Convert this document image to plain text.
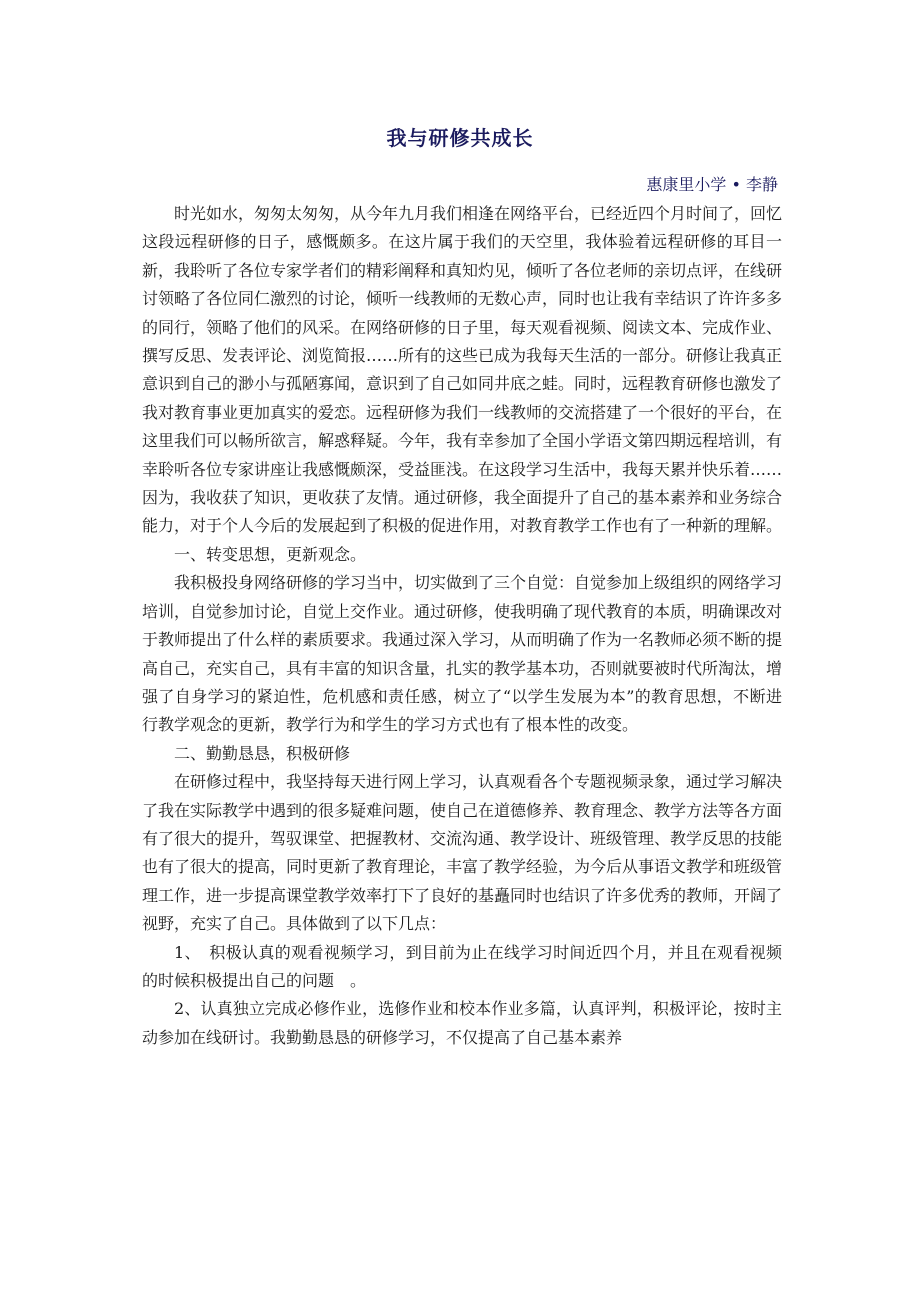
我与研修共成长
惠康里小学 • 李静

时光如水，匆匆太匆匆，从今年九月我们相逢在网络平台，已经近四个月时间了，回忆这段远程研修的日子，感慨颇多。在这片属于我们的天空里，我体验着远程研修的耳目一新，我聆听了各位专家学者们的精彩阐释和真知灼见，倾听了各位老师的亲切点评，在线研讨领略了各位同仁激烈的讨论，倾听一线教师的无数心声，同时也让我有幸结识了许许多多的同行，领略了他们的风采。在网络研修的日子里，每天观看视频、阅读文本、完成作业、撰写反思、发表评论、浏览简报……所有的这些已成为我每天生活的一部分。研修让我真正意识到自己的渺小与孤陋寡闻，意识到了自己如同井底之蛙。同时，远程教育研修也激发了我对教育事业更加真实的爱恋。远程研修为我们一线教师的交流搭建了一个很好的平台，在这里我们可以畅所欲言，解惑释疑。今年，我有幸参加了全国小学语文第四期远程培训，有幸聆听各位专家讲座让我感慨颇深，受益匪浅。在这段学习生活中，我每天累并快乐着……因为，我收获了知识，更收获了友情。通过研修，我全面提升了自己的基本素养和业务综合能力，对于个人今后的发展起到了积极的促进作用，对教育教学工作也有了一种新的理解。

一、转变思想，更新观念。

我积极投身网络研修的学习当中，切实做到了三个自觉：自觉参加上级组织的网络学习培训，自觉参加讨论，自觉上交作业。通过研修，使我明确了现代教育的本质，明确课改对于教师提出了什么样的素质要求。我通过深入学习，从而明确了作为一名教师必须不断的提高自己，充实自己，具有丰富的知识含量，扎实的教学基本功，否则就要被时代所淘汰，增强了自身学习的紧迫性，危机感和责任感，树立了“以学生发展为本”的教育思想，不断进行教学观念的更新，教学行为和学生的学习方式也有了根本性的改变。

二、勤勤恳恳，积极研修

在研修过程中，我坚持每天进行网上学习，认真观看各个专题视频录象，通过学习解决了我在实际教学中遇到的很多疑难问题，使自己在道德修养、教育理念、教学方法等各方面有了很大的提升，驾驭课堂、把握教材、交流沟通、教学设计、班级管理、教学反思的技能也有了很大的提高，同时更新了教育理论，丰富了教学经验，为今后从事语文教学和班级管理工作，进一步提高课堂教学效率打下了良好的基矗同时也结识了许多优秀的教师，开阔了视野，充实了自己。具体做到了以下几点：

1、　积极认真的观看视频学习，到目前为止在线学习时间近四个月，并且在观看视频的时候积极提出自己的问题　。

2、认真独立完成必修作业，选修作业和校本作业多篇，认真评判，积极评论，按时主动参加在线研讨。我勤勤恳恳的研修学习，不仅提高了自己基本素养
